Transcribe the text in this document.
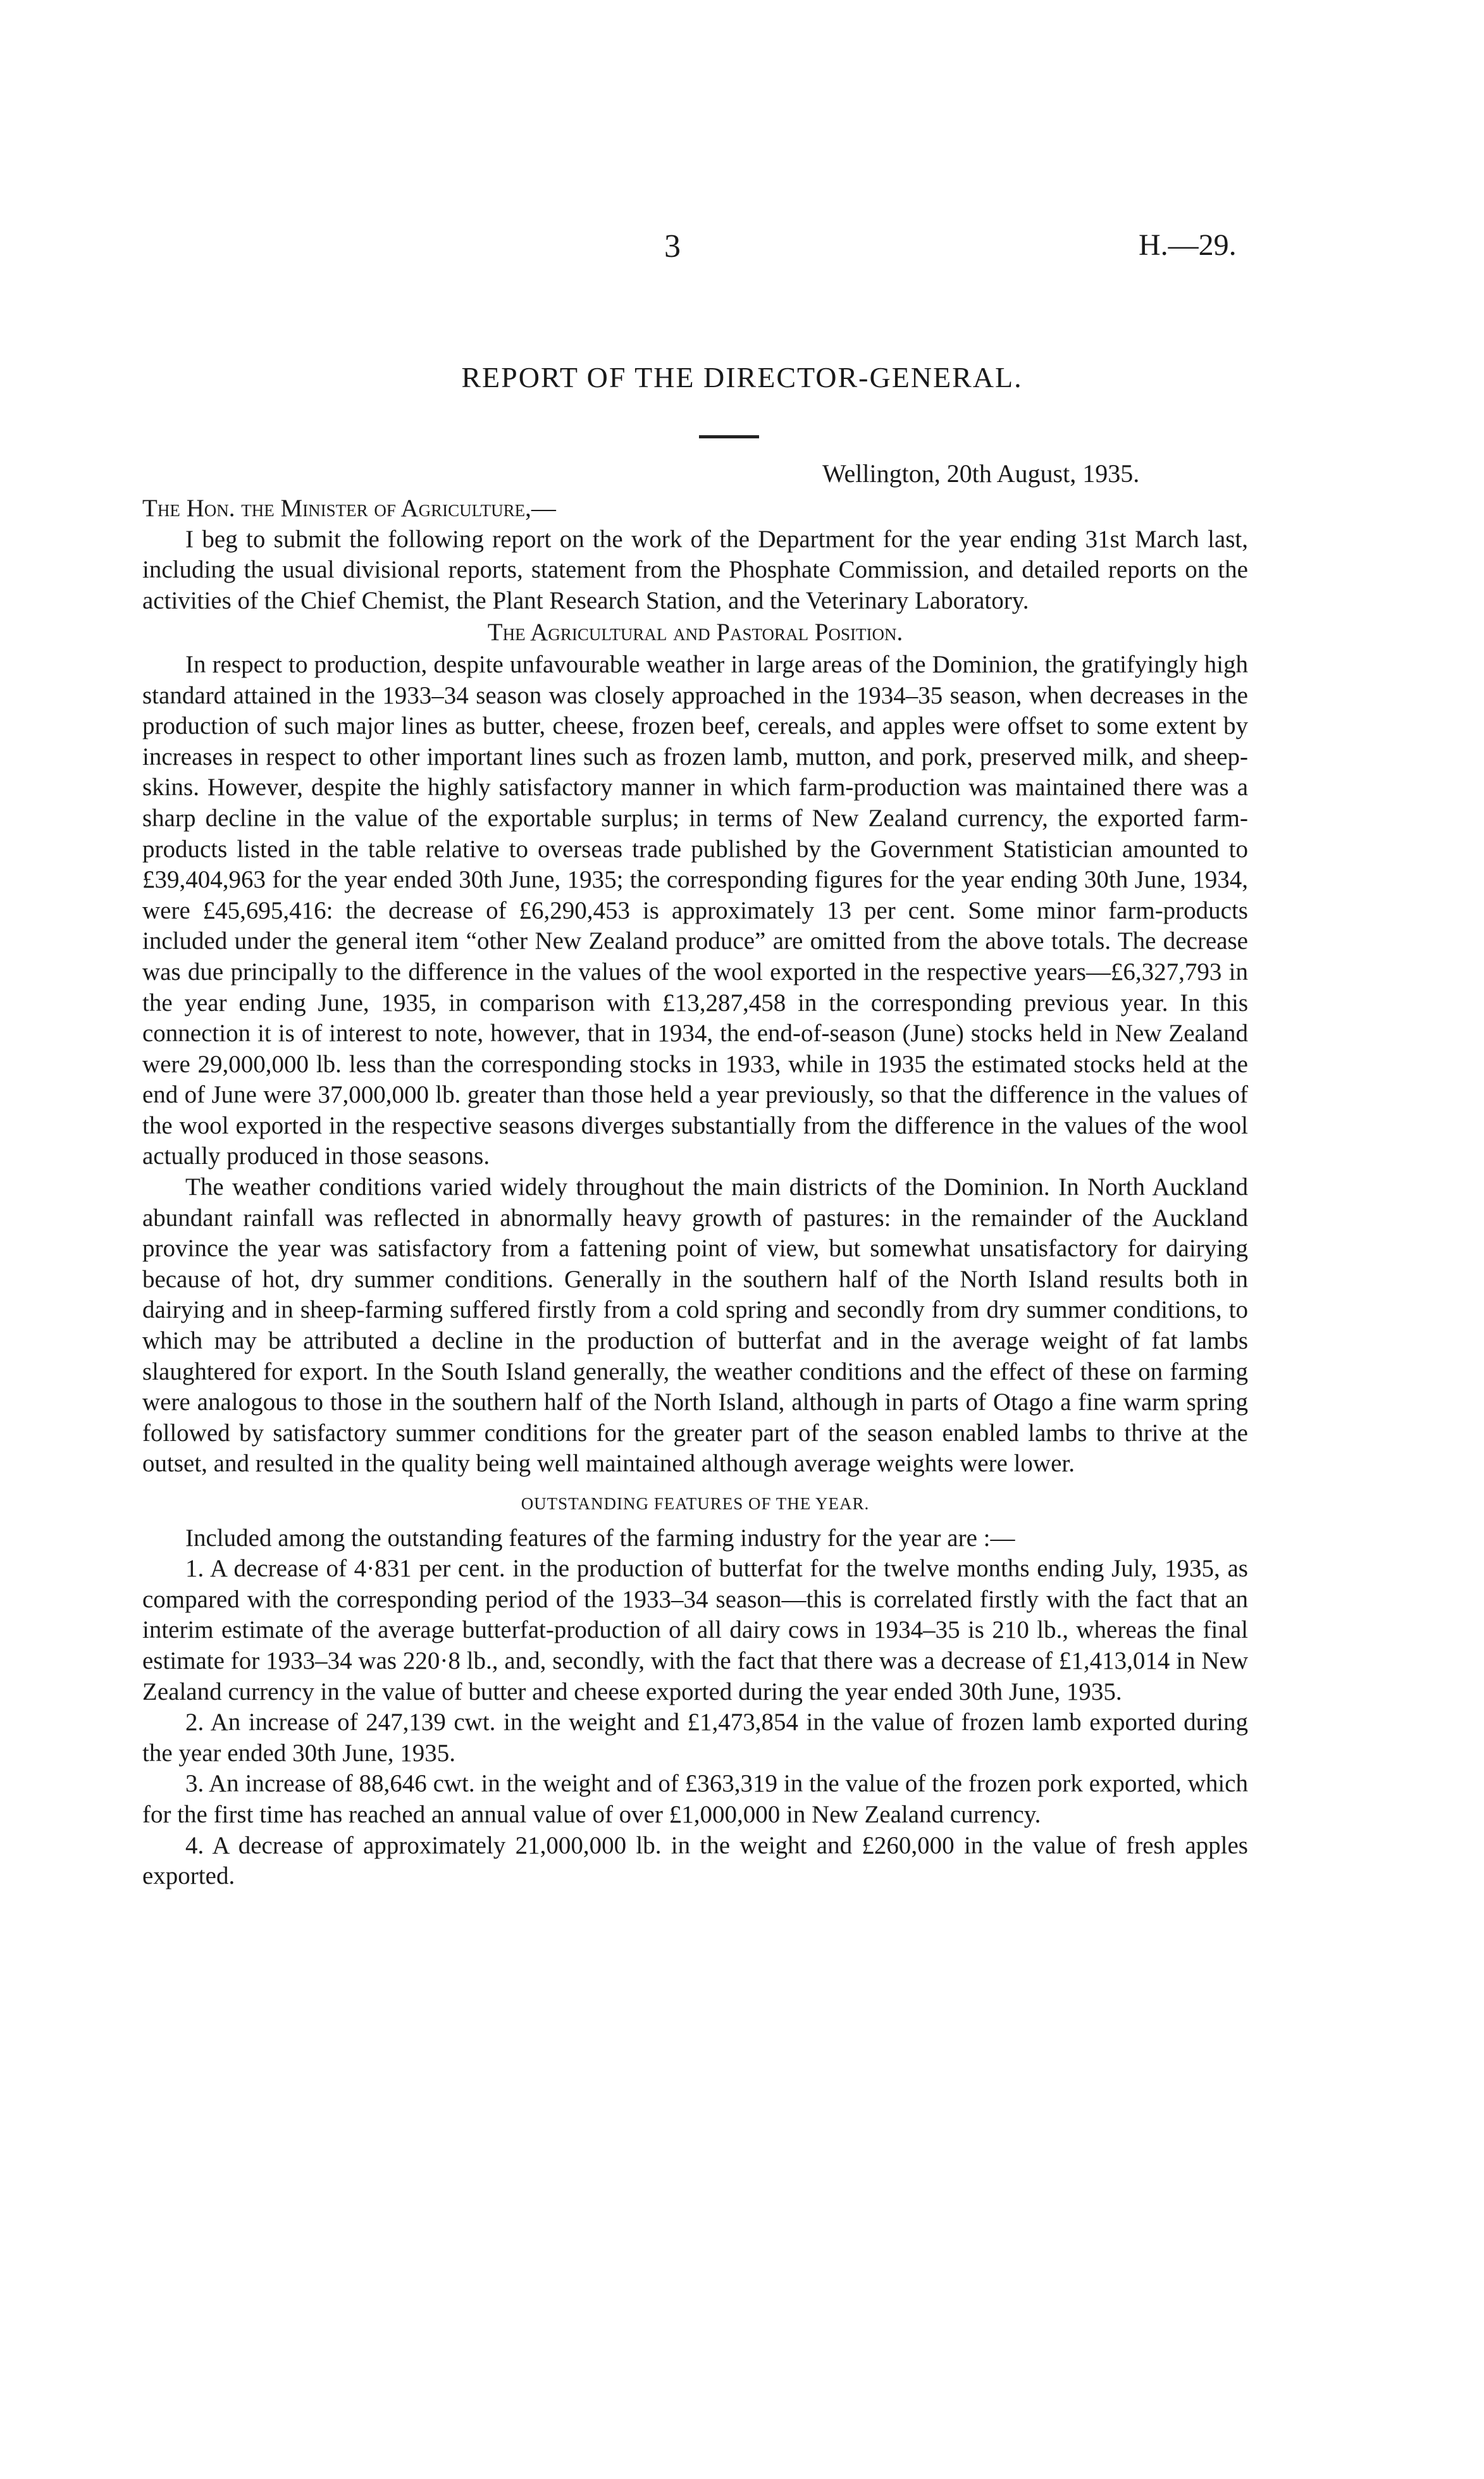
3	H.—29.
REPORT OF THE DIRECTOR-GENERAL.
Wellington, 20th August, 1935.
The Hon. the Minister of Agriculture,—

I beg to submit the following report on the work of the Department for the year ending 31st March last, including the usual divisional reports, statement from the Phosphate Commission, and detailed reports on the activities of the Chief Chemist, the Plant Research Station, and the Veterinary Laboratory.

The Agricultural and Pastoral Position.

In respect to production, despite unfavourable weather in large areas of the Dominion, the gratifyingly high standard attained in the 1933–34 season was closely approached in the 1934–35 season, when decreases in the production of such major lines as butter, cheese, frozen beef, cereals, and apples were offset to some extent by increases in respect to other important lines such as frozen lamb, mutton, and pork, preserved milk, and sheep-skins. However, despite the highly satisfactory manner in which farm-production was maintained there was a sharp decline in the value of the exportable surplus; in terms of New Zealand currency, the exported farm-products listed in the table relative to overseas trade published by the Government Statistician amounted to £39,404,963 for the year ended 30th June, 1935; the corresponding figures for the year ending 30th June, 1934, were £45,695,416: the decrease of £6,290,453 is approximately 13 per cent. Some minor farm-products included under the general item “other New Zealand produce” are omitted from the above totals. The decrease was due principally to the difference in the values of the wool exported in the respective years—£6,327,793 in the year ending June, 1935, in comparison with £13,287,458 in the corresponding previous year. In this connection it is of interest to note, however, that in 1934, the end-of-season (June) stocks held in New Zealand were 29,000,000 lb. less than the corresponding stocks in 1933, while in 1935 the estimated stocks held at the end of June were 37,000,000 lb. greater than those held a year previously, so that the difference in the values of the wool exported in the respective seasons diverges substantially from the difference in the values of the wool actually produced in those seasons.

The weather conditions varied widely throughout the main districts of the Dominion. In North Auckland abundant rainfall was reflected in abnormally heavy growth of pastures: in the remainder of the Auckland province the year was satisfactory from a fattening point of view, but somewhat unsatisfactory for dairying because of hot, dry summer conditions. Generally in the southern half of the North Island results both in dairying and in sheep-farming suffered firstly from a cold spring and secondly from dry summer conditions, to which may be attributed a decline in the production of butterfat and in the average weight of fat lambs slaughtered for export. In the South Island generally, the weather conditions and the effect of these on farming were analogous to those in the southern half of the North Island, although in parts of Otago a fine warm spring followed by satisfactory summer conditions for the greater part of the season enabled lambs to thrive at the outset, and resulted in the quality being well maintained although average weights were lower.

OUTSTANDING FEATURES OF THE YEAR.

Included among the outstanding features of the farming industry for the year are :—

1. A decrease of 4·831 per cent. in the production of butterfat for the twelve months ending July, 1935, as compared with the corresponding period of the 1933–34 season—this is correlated firstly with the fact that an interim estimate of the average butterfat-production of all dairy cows in 1934–35 is 210 lb., whereas the final estimate for 1933–34 was 220·8 lb., and, secondly, with the fact that there was a decrease of £1,413,014 in New Zealand currency in the value of butter and cheese exported during the year ended 30th June, 1935.

2. An increase of 247,139 cwt. in the weight and £1,473,854 in the value of frozen lamb exported during the year ended 30th June, 1935.

3. An increase of 88,646 cwt. in the weight and of £363,319 in the value of the frozen pork exported, which for the first time has reached an annual value of over £1,000,000 in New Zealand currency.

4. A decrease of approximately 21,000,000 lb. in the weight and £260,000 in the value of fresh apples exported.
